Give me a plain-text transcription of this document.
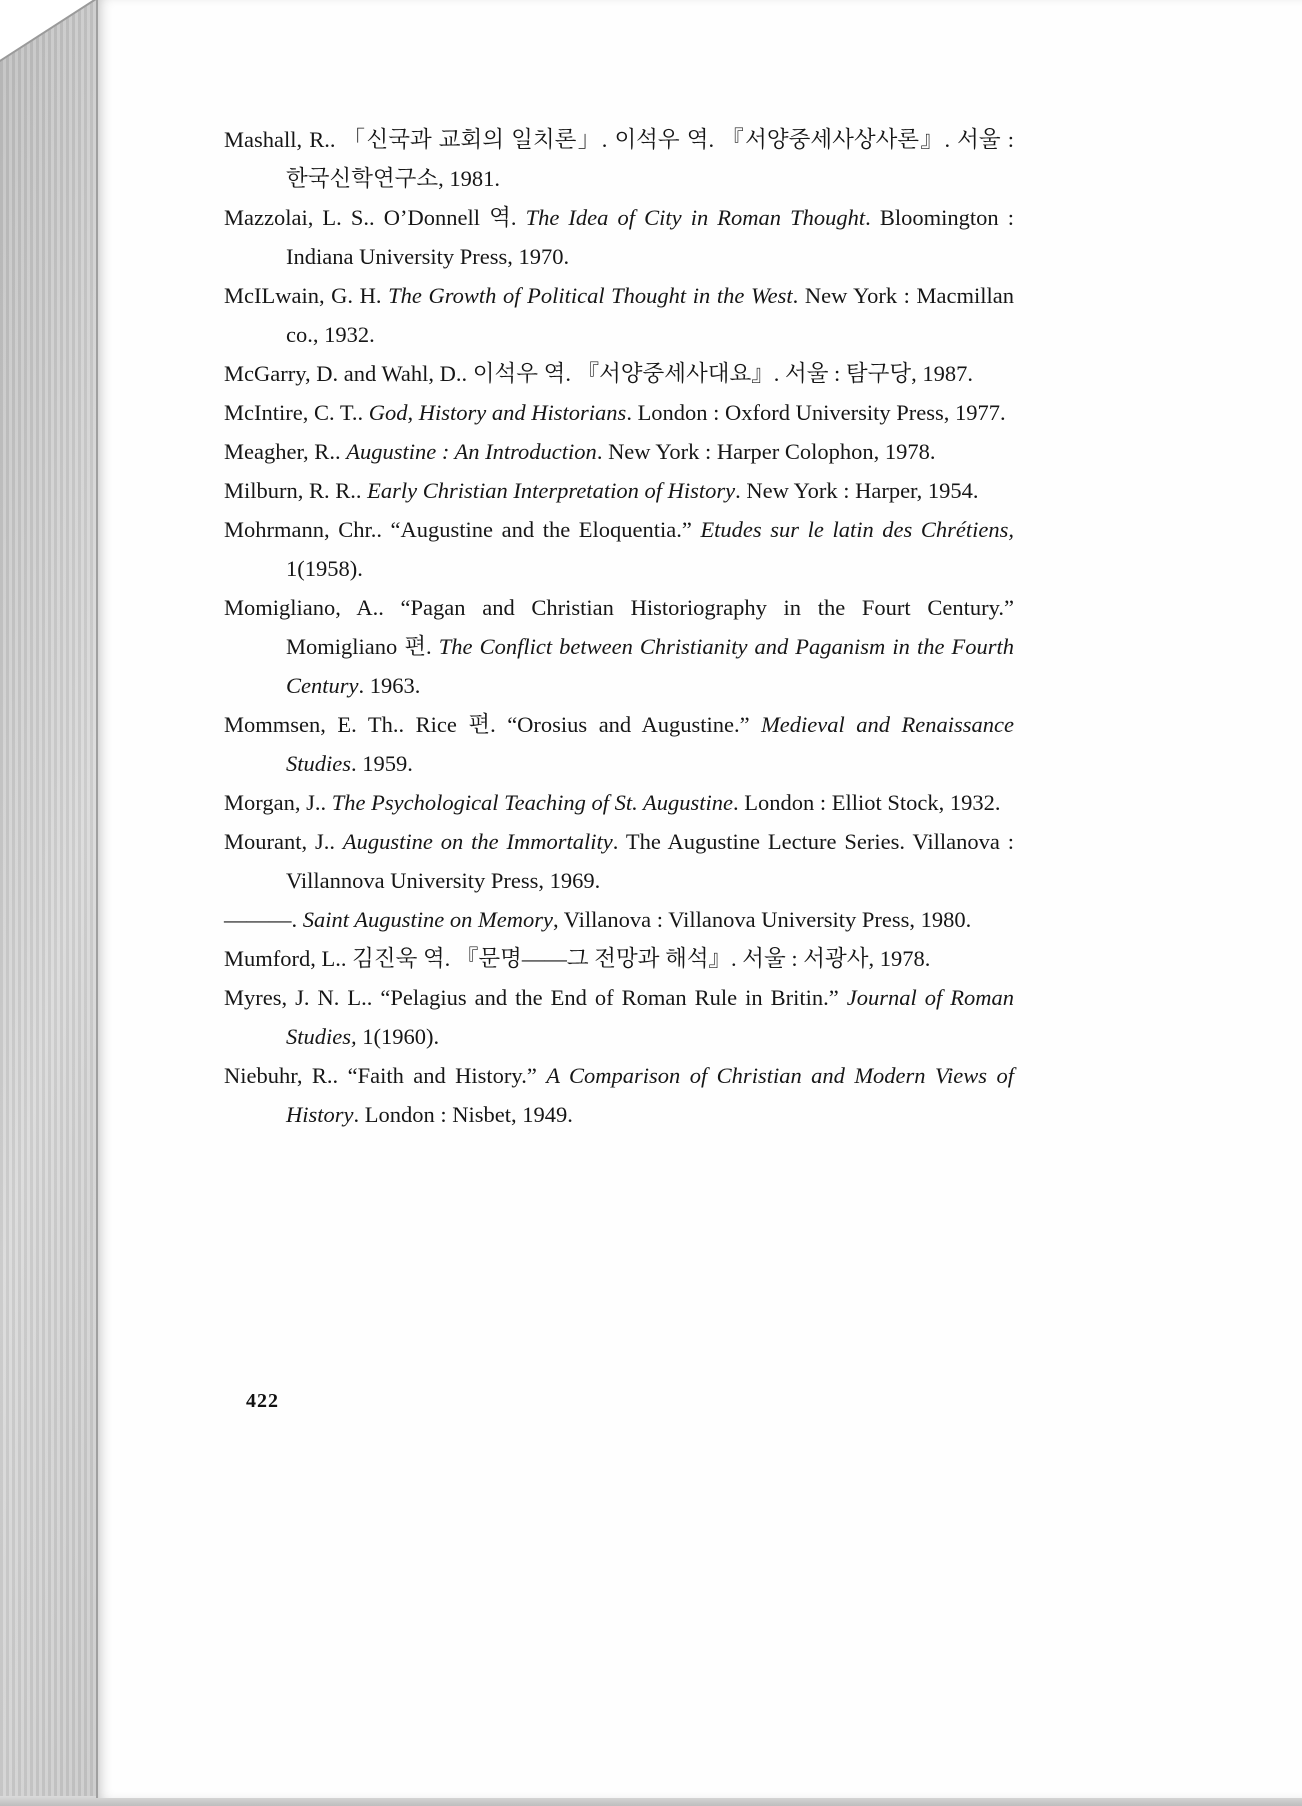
Mashall, R.. 「신국과 교회의 일치론」. 이석우 역. 『서양중세사상사론』. 서울 : 한국신학연구소, 1981.

Mazzolai, L. S.. O’Donnell 역. The Idea of City in Roman Thought. Bloomington : Indiana University Press, 1970.

McILwain, G. H. The Growth of Political Thought in the West. New York : Macmillan co., 1932.

McGarry, D. and Wahl, D.. 이석우 역. 『서양중세사대요』. 서울 : 탐구당, 1987.

McIntire, C. T.. God, History and Historians. London : Oxford University Press, 1977.

Meagher, R.. Augustine : An Introduction. New York : Harper Colophon, 1978.

Milburn, R. R.. Early Christian Interpretation of History. New York : Harper, 1954.

Mohrmann, Chr.. “Augustine and the Eloquentia.” Etudes sur le latin des Chrétiens, 1(1958).

Momigliano, A.. “Pagan and Christian Historiography in the Fourt Century.” Momigliano 편. The Conflict between Christianity and Paganism in the Fourth Century. 1963.

Mommsen, E. Th.. Rice 편. “Orosius and Augustine.” Medieval and Renaissance Studies. 1959.

Morgan, J.. The Psychological Teaching of St. Augustine. London : Elliot Stock, 1932.

Mourant, J.. Augustine on the Immortality. The Augustine Lecture Series. Villanova : Villannova University Press, 1969.

———. Saint Augustine on Memory, Villanova : Villanova University Press, 1980.

Mumford, L.. 김진욱 역. 『문명——그 전망과 해석』. 서울 : 서광사, 1978.

Myres, J. N. L.. “Pelagius and the End of Roman Rule in Britin.” Journal of Roman Studies, 1(1960).

Niebuhr, R.. “Faith and History.” A Comparison of Christian and Modern Views of History. London : Nisbet, 1949.

422
